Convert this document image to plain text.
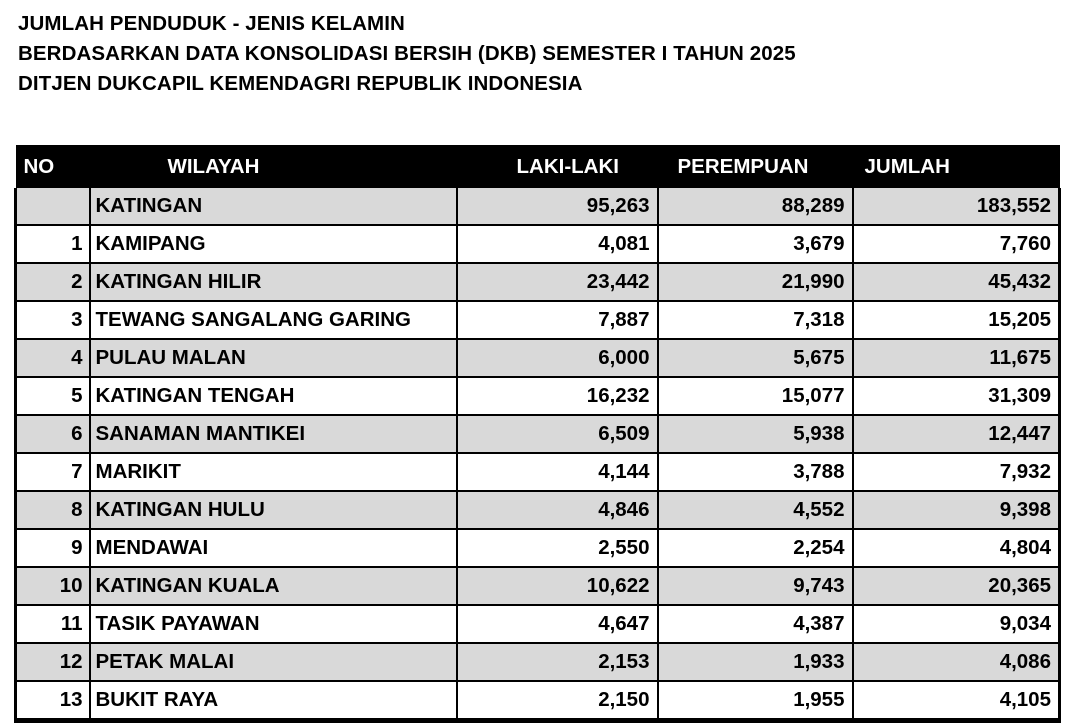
JUMLAH PENDUDUK - JENIS KELAMIN
BERDASARKAN DATA KONSOLIDASI BERSIH (DKB) SEMESTER I TAHUN 2025
DITJEN DUKCAPIL KEMENDAGRI REPUBLIK INDONESIA
NO	WILAYAH	LAKI-LAKI	PEREMPUAN	JUMLAH
	KATINGAN	95,263	88,289	183,552
1	KAMIPANG	4,081	3,679	7,760
2	KATINGAN HILIR	23,442	21,990	45,432
3	TEWANG SANGALANG GARING	7,887	7,318	15,205
4	PULAU MALAN	6,000	5,675	11,675
5	KATINGAN TENGAH	16,232	15,077	31,309
6	SANAMAN MANTIKEI	6,509	5,938	12,447
7	MARIKIT	4,144	3,788	7,932
8	KATINGAN HULU	4,846	4,552	9,398
9	MENDAWAI	2,550	2,254	4,804
10	KATINGAN KUALA	10,622	9,743	20,365
11	TASIK PAYAWAN	4,647	4,387	9,034
12	PETAK MALAI	2,153	1,933	4,086
13	BUKIT RAYA	2,150	1,955	4,105
